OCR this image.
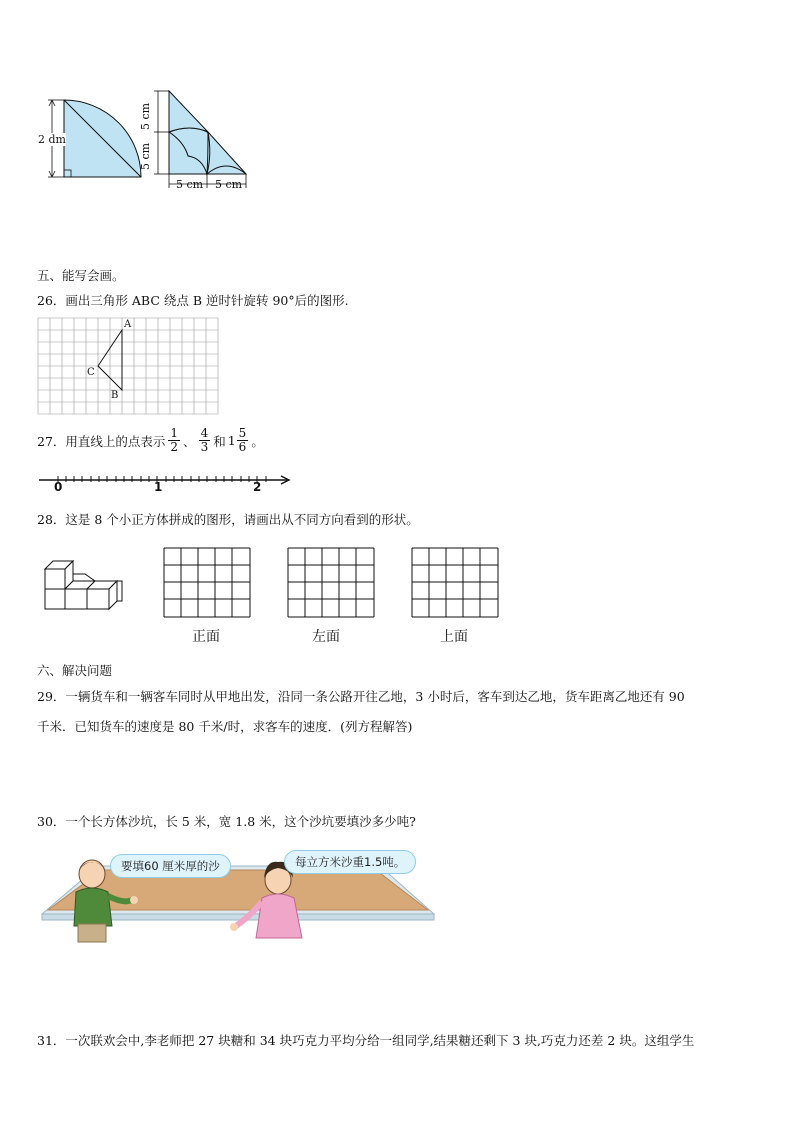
2 dm
5 cm
5 cm
5 cm 5 cm
五、能写会画。
26．画出三角形 ABC 绕点 B 逆时针旋转 90°后的图形.
A
C
B
27．用直线上的点表示 $\frac{1}{2}$ 、 $\frac{4}{3}$ 和 $1 \frac{5}{6}$ 。
0	1	2
28．这是 8 个小正方体拼成的图形，请画出从不同方向看到的形状。
正面	左面	上面
六、解决问题
29．一辆货车和一辆客车同时从甲地出发，沿同一条公路开往乙地，3 小时后，客车到达乙地，货车距离乙地还有 90
千米．已知货车的速度是 80 千米/时，求客车的速度．(列方程解答)
30．一个长方体沙坑，长 5 米，宽 1.8 米，这个沙坑要填沙多少吨?
要填60 厘米厚的沙	每立方米沙重1.5吨。
31．一次联欢会中,李老师把 27 块糖和 34 块巧克力平均分给一组同学,结果糖还剩下 3 块,巧克力还差 2 块。这组学生
